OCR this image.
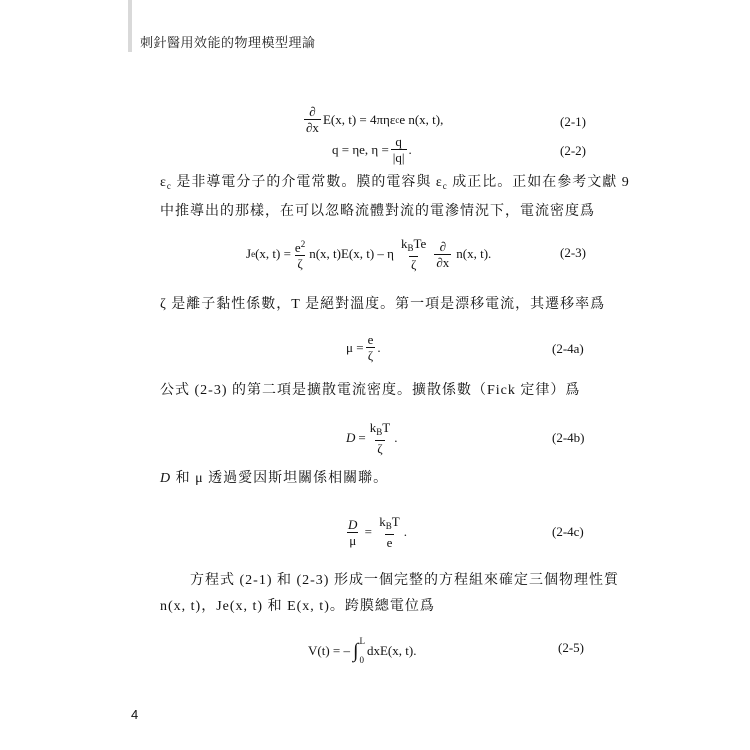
刺針醫用效能的物理模型理論
$\frac{\partial}{\partial x} E(x$, t) = 4πηε c e n(x, t),	(2-1)
q = ηe, $\eta = \frac{q}{|q|}$ .	(2-2)
$\varepsilon_c$ 是非導電分子的介電常數。膜的電容與 $\varepsilon_c$ 成正比。正如在參考文獻 9
中推導出的那樣，在可以忽略流體對流的電滲情況下，電流密度爲
J e (x, $t) = \frac{e^2}{\zeta} n(x$, t)E(x, t) – η $\frac{k_BTe}{\zeta} \frac{\partial}{\partial x} n(x$, t).	(2-3)
ζ 是離子黏性係數，T 是絕對溫度。第一項是漂移電流，其遷移率爲
$\mu = \frac{e}{\zeta}$ .	(2-4a)
公式 (2-3) 的第二項是擴散電流密度。擴散係數（Fick 定律）爲
$D = \frac{k_BT}{\zeta}$ .	(2-4b)
D 和 μ 透過愛因斯坦關係相關聯。
$\frac{D}{\mu} = \frac{k_BT}{e}$ .	(2-4c)
方程式 (2-1) 和 (2-3) 形成一個完整的方程組來確定三個物理性質
n(x, t)，Je(x, t) 和 E(x, t)。跨膜總電位爲
V(t) = – ∫ L
0
dxE(x, t).	(2-5)
4
